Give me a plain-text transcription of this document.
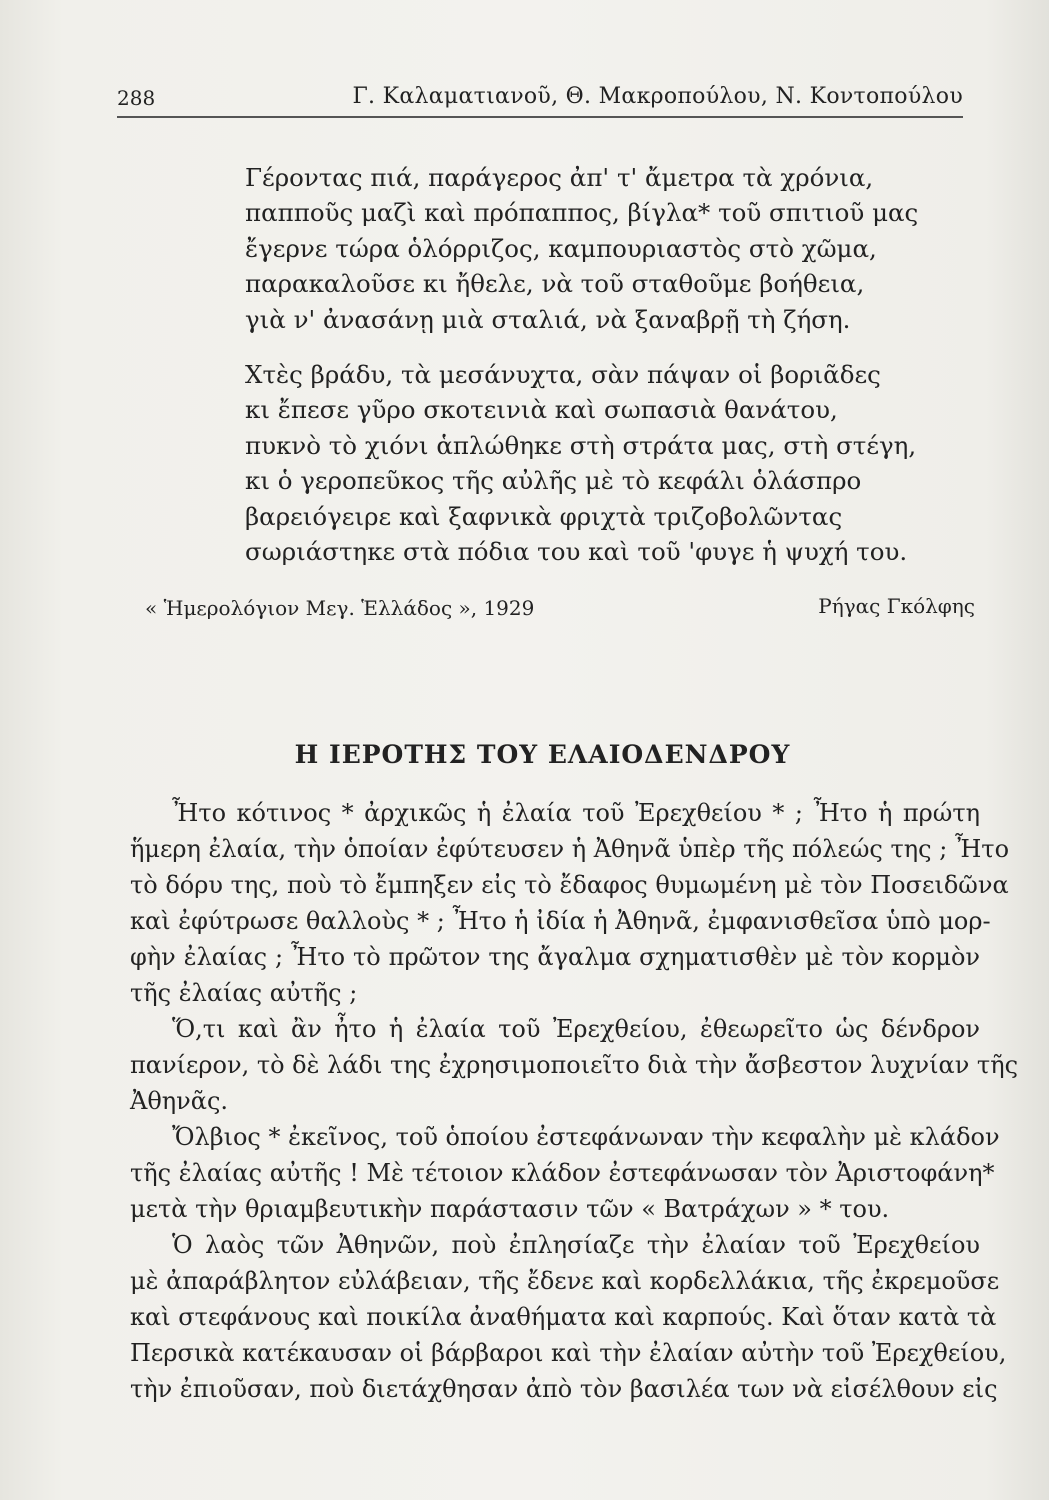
288	Γ. Καλαματιανοῦ, Θ. Μακροπούλου, Ν. Κοντοπούλου
Γέροντας πιά, παράγερος ἀπ' τ' ἄμετρα τὰ χρόνια,
παπποῦς μαζὶ καὶ πρόπαππος, βίγλα* τοῦ σπιτιοῦ μας
ἔγερνε τώρα ὁλόρριζος, καμπουριαστὸς στὸ χῶμα,
παρακαλοῦσε κι ἤθελε, νὰ τοῦ σταθοῦμε βοήθεια,
γιὰ ν' ἀνασάνῃ μιὰ σταλιά, νὰ ξαναβρῇ τὴ ζήση.
Χτὲς βράδυ, τὰ μεσάνυχτα, σὰν πάψαν οἱ βοριᾶδες
κι ἔπεσε γῦρο σκοτεινιὰ καὶ σωπασιὰ θανάτου,
πυκνὸ τὸ χιόνι ἁπλώθηκε στὴ στράτα μας, στὴ στέγη,
κι ὁ γεροπεῦκος τῆς αὐλῆς μὲ τὸ κεφάλι ὁλάσπρο
βαρειόγειρε καὶ ξαφνικὰ φριχτὰ τριζοβολῶντας
σωριάστηκε στὰ πόδια του καὶ τοῦ 'φυγε ἡ ψυχή του.
« Ἡμερολόγιον Μεγ. Ἑλλάδος », 1929	Ρήγας Γκόλφης
Η ΙΕΡΟΤΗΣ ΤΟΥ ΕΛΑΙΟΔΕΝΔΡΟΥ
Ἦτο κότινος * ἀρχικῶς ἡ ἐλαία τοῦ Ἐρεχθείου * ; Ἦτο ἡ πρώτη
ἥμερη ἐλαία, τὴν ὁποίαν ἐφύτευσεν ἡ Ἀθηνᾶ ὑπὲρ τῆς πόλεώς της ; Ἦτο
τὸ δόρυ της, ποὺ τὸ ἔμπηξεν εἰς τὸ ἔδαφος θυμωμένη μὲ τὸν Ποσειδῶνα
καὶ ἐφύτρωσε θαλλοὺς * ; Ἦτο ἡ ἰδία ἡ Ἀθηνᾶ, ἐμφανισθεῖσα ὑπὸ μορ-
φὴν ἐλαίας ; Ἦτο τὸ πρῶτον της ἄγαλμα σχηματισθὲν μὲ τὸν κορμὸν
τῆς ἐλαίας αὐτῆς ;
Ὅ,τι καὶ ἂν ἦτο ἡ ἐλαία τοῦ Ἐρεχθείου, ἐθεωρεῖτο ὡς δένδρον
πανίερον, τὸ δὲ λάδι της ἐχρησιμοποιεῖτο διὰ τὴν ἄσβεστον λυχνίαν τῆς
Ἀθηνᾶς.
Ὄλβιος * ἐκεῖνος, τοῦ ὁποίου ἐστεφάνωναν τὴν κεφαλὴν μὲ κλάδον
τῆς ἐλαίας αὐτῆς ! Μὲ τέτοιον κλάδον ἐστεφάνωσαν τὸν Ἀριστοφάνη*
μετὰ τὴν θριαμβευτικὴν παράστασιν τῶν « Βατράχων » * του.
Ὁ λαὸς τῶν Ἀθηνῶν, ποὺ ἐπλησίαζε τὴν ἐλαίαν τοῦ Ἐρεχθείου
μὲ ἀπαράβλητον εὐλάβειαν, τῆς ἔδενε καὶ κορδελλάκια, τῆς ἐκρεμοῦσε
καὶ στεφάνους καὶ ποικίλα ἀναθήματα καὶ καρπούς. Καὶ ὅταν κατὰ τὰ
Περσικὰ κατέκαυσαν οἱ βάρβαροι καὶ τὴν ἐλαίαν αὐτὴν τοῦ Ἐρεχθείου,
τὴν ἐπιοῦσαν, ποὺ διετάχθησαν ἀπὸ τὸν βασιλέα των νὰ εἰσέλθουν εἰς
